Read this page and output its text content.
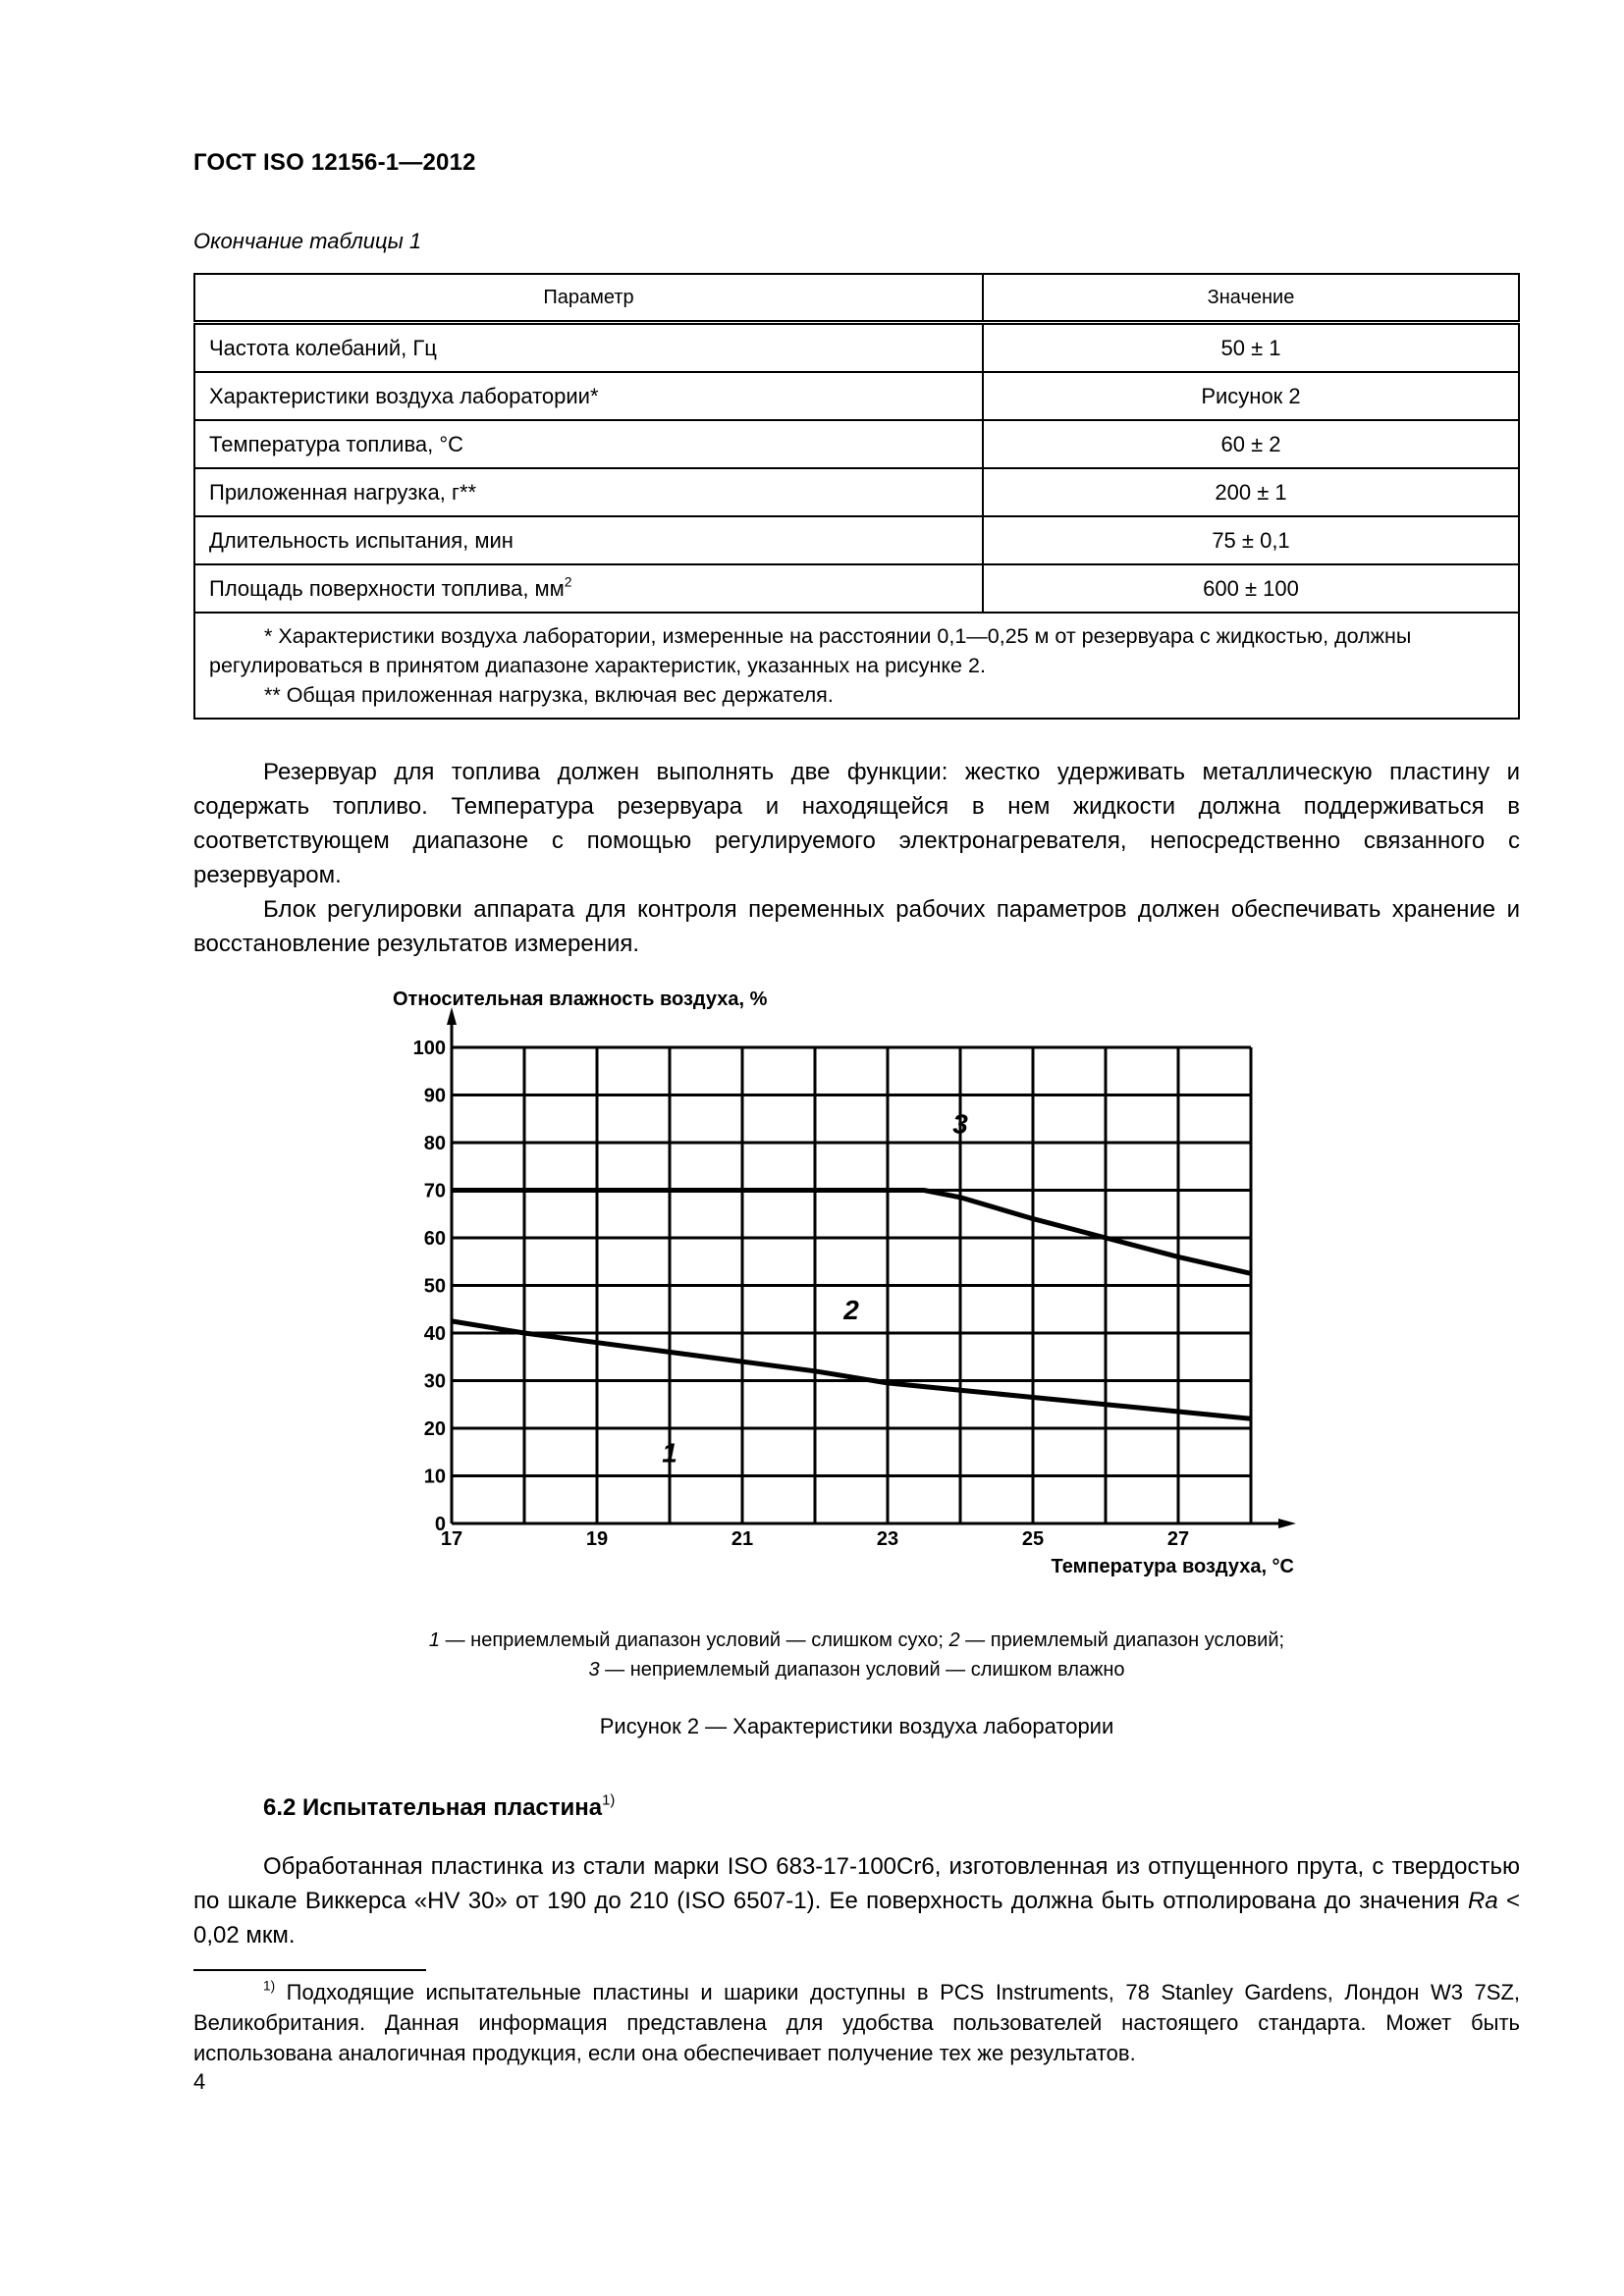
ГОСТ ISO 12156-1—2012
Окончание таблицы 1
Параметр	Значение
Частота колебаний, Гц	50 ± 1
Характеристики воздуха лаборатории*	Рисунок 2
Температура топлива, °С	60 ± 2
Приложенная нагрузка, г**	200 ± 1
Длительность испытания, мин	75 ± 0,1
Площадь поверхности топлива, $мм^2$	600 ± 100

* Характеристики воздуха лаборатории, измеренные на расстоянии 0,1—0,25 м от резервуара с жидкостью, должны регулироваться в принятом диапазоне характеристик, указанных на рисунке 2.

** Общая приложенная нагрузка, включая вес держателя.	

Резервуар для топлива должен выполнять две функции: жестко удерживать металлическую пластину и содержать топливо. Температура резервуара и находящейся в нем жидкости должна поддерживаться в соответствующем диапазоне с помощью регулируемого электронагревателя, непосредственно связанного с резервуаром.

Блок регулировки аппарата для контроля переменных рабочих параметров должен обеспечивать хранение и восстановление результатов измерения.

0
10
20
30
40
50
60
70
80
90
100
17	19	21	23	25	27
1
2
3
Относительная влажность воздуха, %
Температура воздуха, °С
1 — неприемлемый диапазон условий — слишком сухо; 2 — приемлемый диапазон условий;
3 — неприемлемый диапазон условий — слишком влажно
Рисунок 2 — Характеристики воздуха лаборатории
6.2 Испытательная пластина$^{1)}$

Обработанная пластинка из стали марки ISO 683-17-100Cr6, изготовленная из отпущенного прута, с твердостью по шкале Виккерса «HV 30» от 190 до 210 (ISO 6507-1). Ее поверхность должна быть отполирована до значения Ra < 0,02 мкм.

$^{1)}$ Подходящие испытательные пластины и шарики доступны в PCS Instruments, 78 Stanley Gardens, Лондон W3 7SZ, Великобритания. Данная информация представлена для удобства пользователей настоящего стандарта. Может быть использована аналогичная продукция, если она обеспечивает получение тех же результатов.

4
